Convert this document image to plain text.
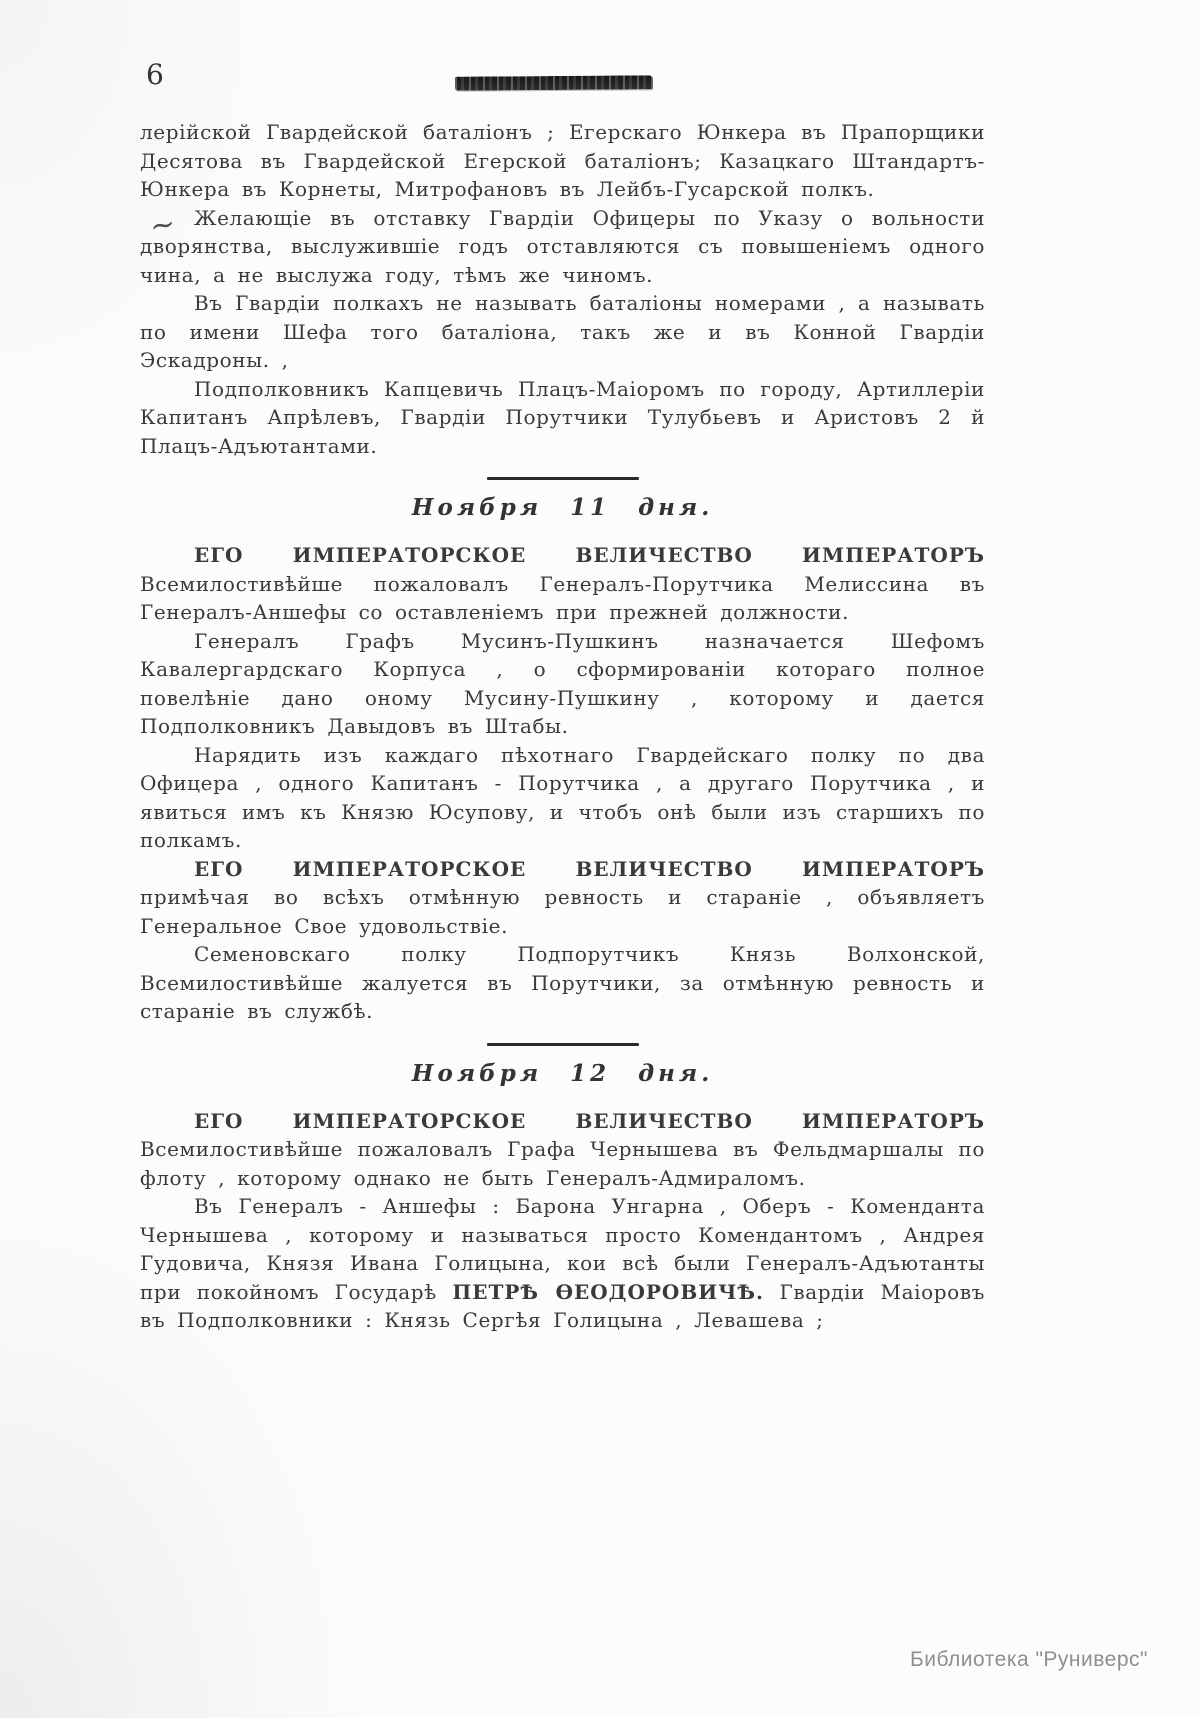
6
~

лерійской Гвардейской баталіонъ ; Егерскаго Юнкера въ Прапорщики Десятова въ Гвардейской Егерской баталіонъ; Казацкаго Штандартъ-Юнкера въ Корнеты, Митрофановъ въ Лейбъ-Гусарской полкъ.

Желающіе въ отставку Гвардіи Офицеры по Указу о вольности дворянства, выслужившіе годъ отставляются съ повышеніемъ одного чина, а не выслужа году, тѣмъ же чиномъ.

Въ Гвардіи полкахъ не называть баталіоны номерами , а называть по имени Шефа того баталіона, такъ же и въ Конной Гвардіи Эскадроны. ,

Подполковникъ Капцевичь Плацъ-Маіоромъ по городу, Артиллеріи Капитанъ Апрѣлевъ, Гвардіи Порутчики Тулубьевъ и Аристовъ 2 й Плацъ-Адъютантами.

Ноября 11 дня.

ЕГО ИМПЕРАТОРСКОЕ ВЕЛИЧЕСТВО ИМПЕРАТОРЪ Всемилостивѣйше пожаловалъ Генералъ-Порутчика Мелиссина въ Генералъ-Аншефы со оставленіемъ при прежней должности.

Генералъ Графъ Мусинъ-Пушкинъ назначается Шефомъ Кавалергардскаго Корпуса , о сформированіи котораго полное повелѣніе дано оному Мусину-Пушкину , которому и дается Подполковникъ Давыдовъ въ Штабы.

Нарядить изъ каждаго пѣхотнаго Гвардейскаго полку по два Офицера , одного Капитанъ - Порутчика , а другаго Порутчика , и явиться имъ къ Князю Юсупову, и чтобъ онѣ были изъ старшихъ по полкамъ.

ЕГО ИМПЕРАТОРСКОЕ ВЕЛИЧЕСТВО ИМПЕРАТОРЪ примѣчая во всѣхъ отмѣнную ревность и стараніе , объявляетъ Генеральное Свое удовольствіе.

Семеновскаго полку Подпорутчикъ Князь Волхонской, Всемилостивѣйше жалуется въ Порутчики, за отмѣнную ревность и стараніе въ службѣ.

Ноября 12 дня.

ЕГО ИМПЕРАТОРСКОЕ ВЕЛИЧЕСТВО ИМПЕРАТОРЪ Всемилостивѣйше пожаловалъ Графа Чернышева въ Фельдмаршалы по флоту , которому однако не быть Генералъ-Адмираломъ.

Въ Генералъ - Аншефы : Барона Унгарна , Оберъ - Коменданта Чернышева , которому и называться просто Комендантомъ , Андрея Гудовича, Князя Ивана Голицына, кои всѣ были Генералъ-Адъютанты при покойномъ Государѣ ПЕТРѢ ѲЕОДОРОВИЧѢ. Гвардіи Маіоровъ въ Подполковники : Князь Сергѣя Голицына , Левашева ;

Библиотека "Руниверс"
